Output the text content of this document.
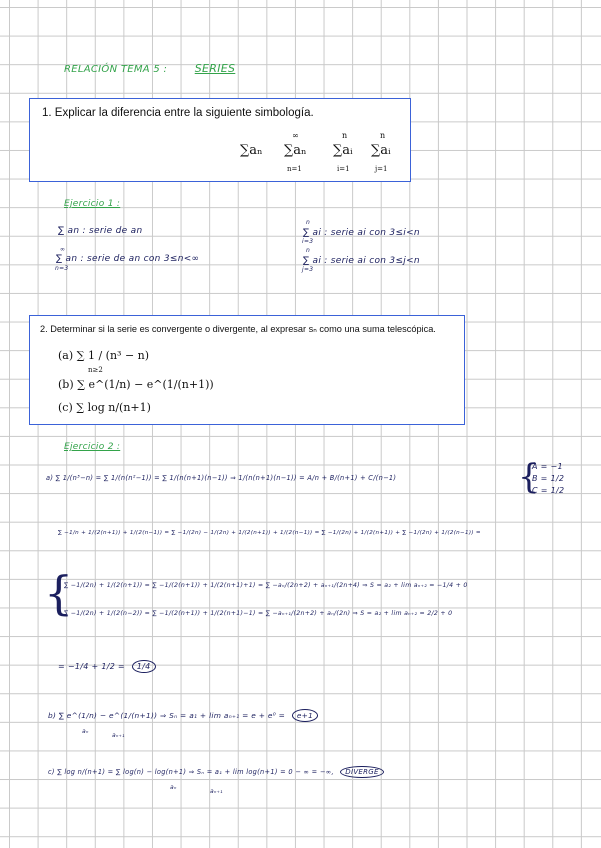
RELACIÓN TEMA 5 : SERIES
1. Explicar la diferencia entre la siguiente simbología.
∑aₙ
∞
∑aₙ
n=1
n
∑aᵢ
i=1
n
∑aᵢ
j=1
Ejercicio 1 :
∑ an : serie de an
∞
∑ an : serie de an con 3≤n<∞
n=3
n
∑ ai : serie ai con 3≤i<n
i=3
n
∑ ai : serie ai con 3≤j<n
j=3
2. Determinar si la serie es convergente o divergente, al expresar sₙ como una suma telescópica.
(a) ∑ 1 / (n³ − n)
n≥2
(b) ∑ e^(1/n) − e^(1/(n+1))
(c) ∑ log n/(n+1)
Ejercicio 2 :
a) ∑ 1/(n³−n) = ∑ 1/(n(n²−1)) = ∑ 1/(n(n+1)(n−1)) ⇒ 1/(n(n+1)(n−1)) = A/n + B/(n+1) + C/(n−1)	{
A = −1
B = 1/2
C = 1/2
∑ −1/n + 1/(2(n+1)) + 1/(2(n−1)) = ∑ −1/(2n) − 1/(2n) + 1/(2(n+1)) + 1/(2(n−1)) = ∑ −1/(2n) + 1/(2(n+1)) + ∑ −1/(2n) + 1/(2(n−1)) =
{
∑ −1/(2n) + 1/(2(n+1)) = ∑ −1/(2(n+1)) + 1/(2(n+1)+1) = ∑ −aₙ/(2n+2) + aₙ₊₁/(2n+4) ⇒ S = a₂ + lim aₙ₊₂ = −1/4 + 0
∑ −1/(2n) + 1/(2(n−2)) = ∑ −1/(2(n+1)) + 1/(2(n+1)−1) = ∑ −aₙ₊₁/(2n+2) + aₙ/(2n) ⇒ S = a₂ + lim aₙ₊₂ = 2/2 + 0
= −1/4 + 1/2 = 1/4
b) ∑ e^(1/n) − e^(1/(n+1)) ⇒ Sₙ = a₁ + lim aₙ₊₁ = e + e⁰ = e+1
aₙ
aₙ₊₁
c) ∑ log n/(n+1) = ∑ log(n) − log(n+1) ⇒ Sₙ = a₁ + lim log(n+1) = 0 − ∞ = −∞, DIVERGE
aₙ
aₙ₊₁
